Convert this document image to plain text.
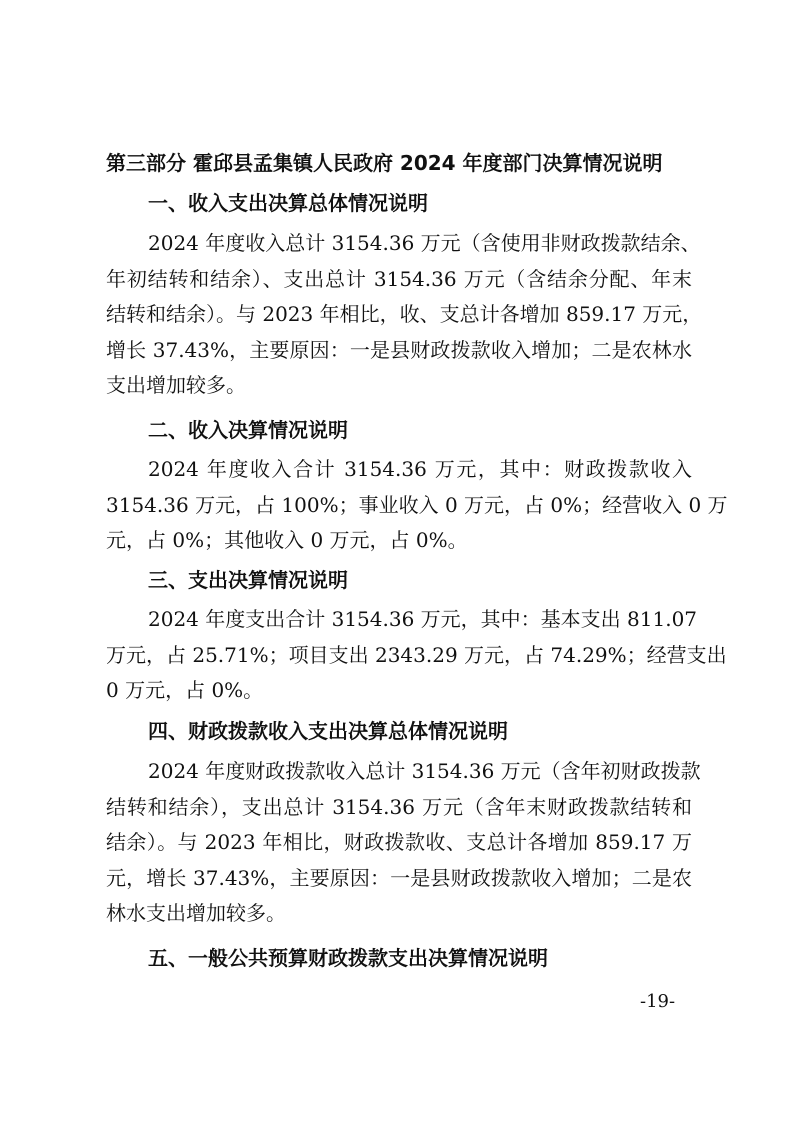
第三部分 霍邱县孟集镇人民政府 2024 年度部门决算情况说明
一、收入支出决算总体情况说明
2024 年度收入总计 3154.36 万元（含使用非财政拨款结余、
年初结转和结余）、支出总计 3154.36 万元（含结余分配、年末
结转和结余）。与 2023 年相比，收、支总计各增加 859.17 万元，
增长 37.43%，主要原因：一是县财政拨款收入增加；二是农林水
支出增加较多。
二、收入决算情况说明
2024 年度收入合计 3154.36 万元，其中：财政拨款收入
3154.36 万元，占 100%；事业收入 0 万元，占 0%；经营收入 0 万
元，占 0%；其他收入 0 万元，占 0%。
三、支出决算情况说明
2024 年度支出合计 3154.36 万元，其中：基本支出 811.07
万元，占 25.71%；项目支出 2343.29 万元，占 74.29%；经营支出
0 万元，占 0%。
四、财政拨款收入支出决算总体情况说明
2024 年度财政拨款收入总计 3154.36 万元（含年初财政拨款
结转和结余），支出总计 3154.36 万元（含年末财政拨款结转和
结余）。与 2023 年相比，财政拨款收、支总计各增加 859.17 万
元，增长 37.43%，主要原因：一是县财政拨款收入增加；二是农
林水支出增加较多。
五、一般公共预算财政拨款支出决算情况说明
-19-
